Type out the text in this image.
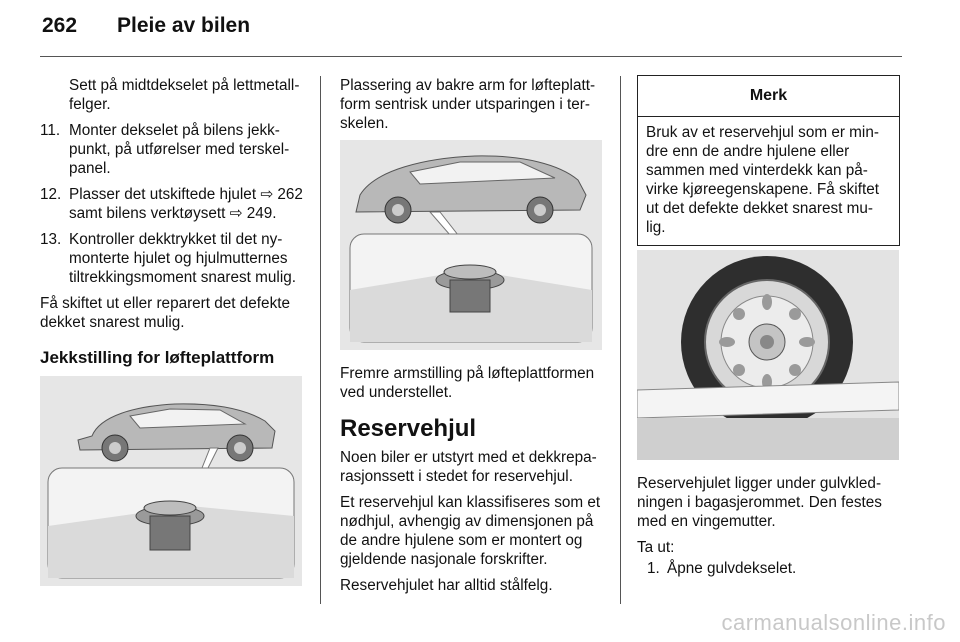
262 Pleie av bilen

Sett på midtdekselet på lettmetall-felger.

11. Monter dekselet på bilens jekk-punkt, på utførelser med terskel-panel.
12. Plasser det utskiftede hjulet ⇨ 262 samt bilens verktøysett ⇨ 249.
13. Kontroller dekktrykket til det ny-monterte hjulet og hjulmutternes tiltrekkingsmoment snarest mulig.

Få skiftet ut eller reparert det defekte dekket snarest mulig.

Jekkstilling for løfteplattform

Plassering av bakre arm for løfteplatt-form sentrisk under utsparingen i ter-skelen.

Fremre armstilling på løfteplattformen ved understellet.

Reservehjul

Noen biler er utstyrt med et dekkrepa-rasjonssett i stedet for reservehjul.

Et reservehjul kan klassifiseres som et nødhjul, avhengig av dimensjonen på de andre hjulene som er montert og gjeldende nasjonale forskrifter.

Reservehjulet har alltid stålfelg.

Merk
Bruk av et reservehjul som er min-dre enn de andre hjulene eller sammen med vinterdekk kan på-virke kjøreegenskapene. Få skiftet ut det defekte dekket snarest mu-lig.

Reservehjulet ligger under gulvkled-ningen i bagasjerommet. Den festes med en vingemutter.

Ta ut:

1. Åpne gulvdekselet.
carmanualsonline.info
